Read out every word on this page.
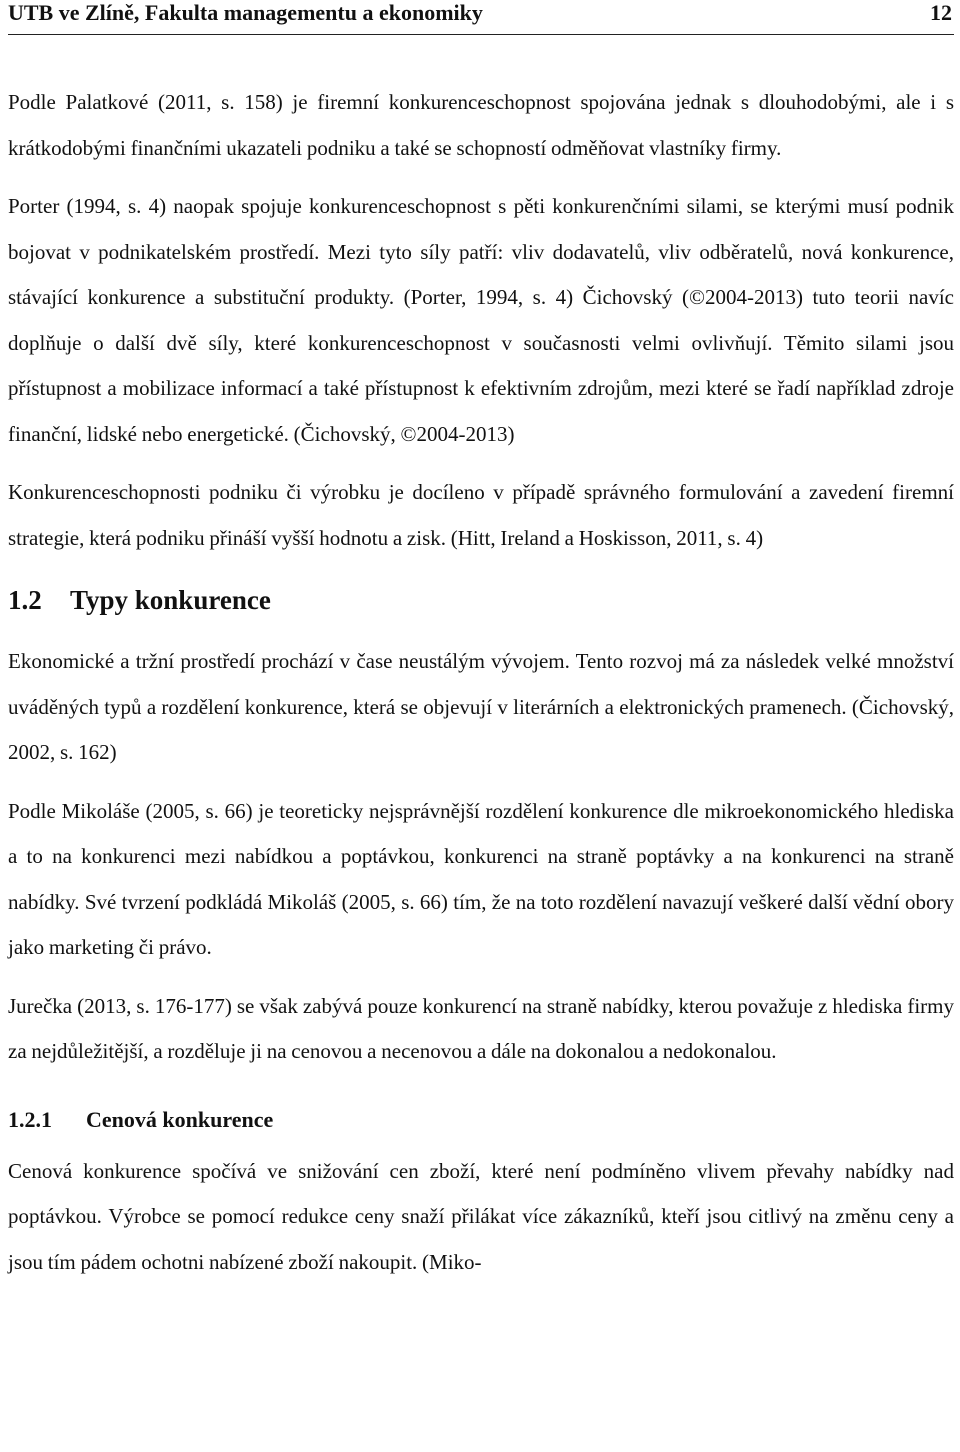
UTB ve Zlíně, Fakulta managementu a ekonomiky	12

Podle Palatkové (2011, s. 158) je firemní konkurenceschopnost spojována jednak s dlouhodobými, ale i s krátkodobými finančními ukazateli podniku a také se schopností odměňovat vlastníky firmy.

Porter (1994, s. 4) naopak spojuje konkurenceschopnost s pěti konkurenčními silami, se kterými musí podnik bojovat v podnikatelském prostředí. Mezi tyto síly patří: vliv dodavatelů, vliv odběratelů, nová konkurence, stávající konkurence a substituční produkty. (Porter, 1994, s. 4) Čichovský (©2004-2013) tuto teorii navíc doplňuje o další dvě síly, které konkurenceschopnost v současnosti velmi ovlivňují. Těmito silami jsou přístupnost a mobilizace informací a také přístupnost k efektivním zdrojům, mezi které se řadí například zdroje finanční, lidské nebo energetické. (Čichovský, ©2004-2013)

Konkurenceschopnosti podniku či výrobku je docíleno v případě správného formulování a zavedení firemní strategie, která podniku přináší vyšší hodnotu a zisk. (Hitt, Ireland a Hoskisson, 2011, s. 4)

1.2 Typy konkurence

Ekonomické a tržní prostředí prochází v čase neustálým vývojem. Tento rozvoj má za následek velké množství uváděných typů a rozdělení konkurence, která se objevují v literárních a elektronických pramenech. (Čichovský, 2002, s. 162)

Podle Mikoláše (2005, s. 66) je teoreticky nejsprávnější rozdělení konkurence dle mikroekonomického hlediska a to na konkurenci mezi nabídkou a poptávkou, konkurenci na straně poptávky a na konkurenci na straně nabídky. Své tvrzení podkládá Mikoláš (2005, s. 66) tím, že na toto rozdělení navazují veškeré další vědní obory jako marketing či právo.

Jurečka (2013, s. 176-177) se však zabývá pouze konkurencí na straně nabídky, kterou považuje z hlediska firmy za nejdůležitější, a rozděluje ji na cenovou a necenovou a dále na dokonalou a nedokonalou.

1.2.1 Cenová konkurence

Cenová konkurence spočívá ve snižování cen zboží, které není podmíněno vlivem převahy nabídky nad poptávkou. Výrobce se pomocí redukce ceny snaží přilákat více zákazníků, kteří jsou citlivý na změnu ceny a jsou tím pádem ochotni nabízené zboží nakoupit. (Miko-
